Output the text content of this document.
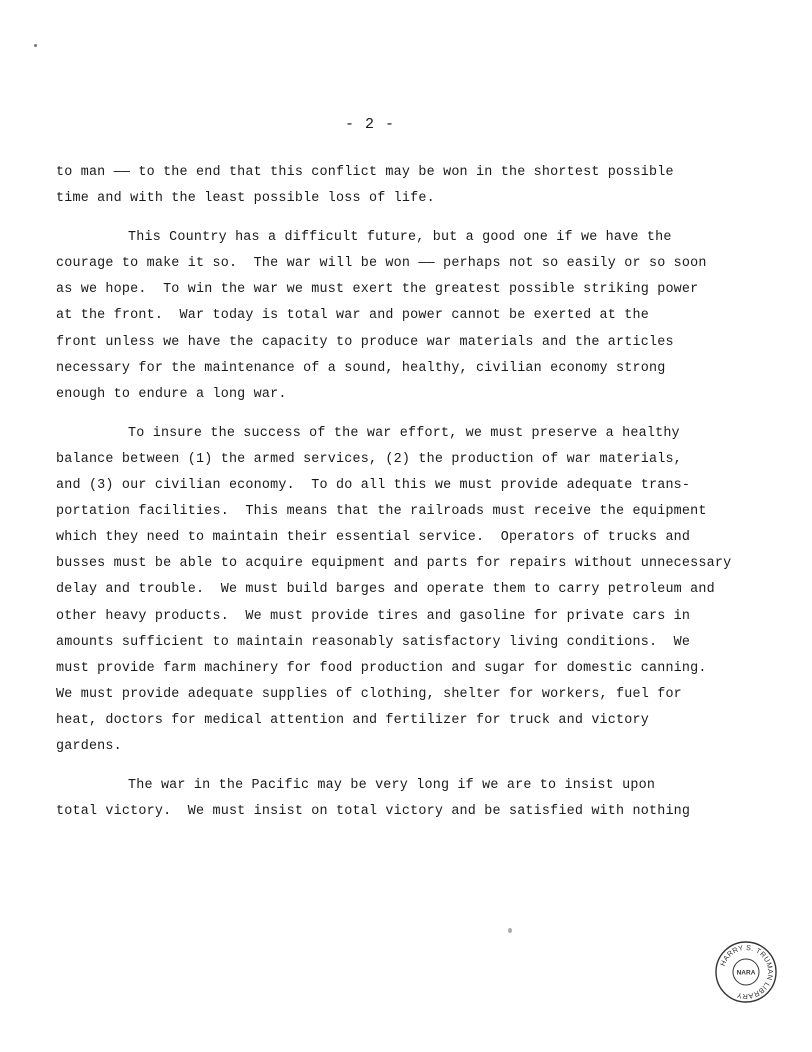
- 2 -
to man —— to the end that this conflict may be won in the shortest possible
time and with the least possible loss of life.
This Country has a difficult future, but a good one if we have the
courage to make it so.  The war will be won —— perhaps not so easily or so soon
as we hope.  To win the war we must exert the greatest possible striking power
at the front.  War today is total war and power cannot be exerted at the
front unless we have the capacity to produce war materials and the articles
necessary for the maintenance of a sound, healthy, civilian economy strong
enough to endure a long war.
To insure the success of the war effort, we must preserve a healthy
balance between (1) the armed services, (2) the production of war materials,
and (3) our civilian economy.  To do all this we must provide adequate trans-
portation facilities.  This means that the railroads must receive the equipment
which they need to maintain their essential service.  Operators of trucks and
busses must be able to acquire equipment and parts for repairs without unnecessary
delay and trouble.  We must build barges and operate them to carry petroleum and
other heavy products.  We must provide tires and gasoline for private cars in
amounts sufficient to maintain reasonably satisfactory living conditions.  We
must provide farm machinery for food production and sugar for domestic canning.
We must provide adequate supplies of clothing, shelter for workers, fuel for
heat, doctors for medical attention and fertilizer for truck and victory
gardens.
The war in the Pacific may be very long if we are to insist upon
total victory.  We must insist on total victory and be satisfied with nothing
HARRY S. TRUMAN LIBRARY
NARA
